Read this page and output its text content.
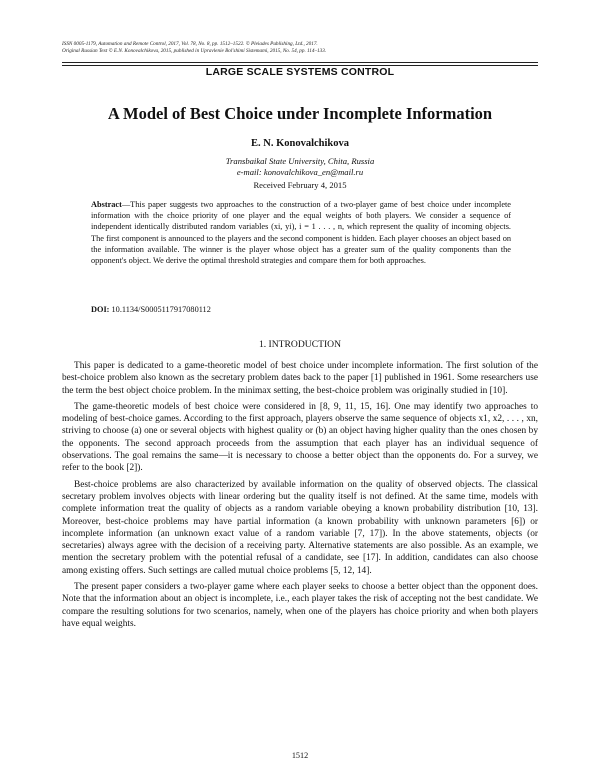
ISSN 0005-1179, Automation and Remote Control, 2017, Vol. 78, No. 8, pp. 1512–1522. © Pleiades Publishing, Ltd., 2017.
Original Russian Text © E.N. Konovalchikova, 2015, published in Upravlenie Bol'shimi Sistemami, 2015, No. 54, pp. 114–133.
LARGE SCALE SYSTEMS CONTROL
A Model of Best Choice under Incomplete Information
E. N. Konovalchikova
Transbaikal State University, Chita, Russia
e-mail: konovalchikova_en@mail.ru
Received February 4, 2015
Abstract—This paper suggests two approaches to the construction of a two-player game of best choice under incomplete information with the choice priority of one player and the equal weights of both players. We consider a sequence of independent identically distributed random variables (xi, yi), i = 1 . . . , n, which represent the quality of incoming objects. The first component is announced to the players and the second component is hidden. Each player chooses an object based on the information available. The winner is the player whose object has a greater sum of the quality components than the opponent's object. We derive the optimal threshold strategies and compare them for both approaches.
DOI: 10.1134/S0005117917080112
1. INTRODUCTION

This paper is dedicated to a game-theoretic model of best choice under incomplete information. The first solution of the best-choice problem also known as the secretary problem dates back to the paper [1] published in 1961. Some researchers use the term the best object choice problem. In the minimax setting, the best-choice problem was originally studied in [10].

The game-theoretic models of best choice were considered in [8, 9, 11, 15, 16]. One may identify two approaches to modeling of best-choice games. According to the first approach, players observe the same sequence of objects x1, x2, . . . , xn, striving to choose (a) one or several objects with highest quality or (b) an object having higher quality than the ones chosen by the opponents. The second approach proceeds from the assumption that each player has an individual sequence of observations. The goal remains the same—it is necessary to choose a better object than the opponents do. For a survey, we refer to the book [2]).

Best-choice problems are also characterized by available information on the quality of observed objects. The classical secretary problem involves objects with linear ordering but the quality itself is not defined. At the same time, models with complete information treat the quality of objects as a random variable obeying a known probability distribution [10, 13]. Moreover, best-choice problems may have partial information (a known probability with unknown parameters [6]) or incomplete information (an unknown exact value of a random variable [7, 17]). In the above statements, objects (or secretaries) always agree with the decision of a receiving party. Alternative statements are also possible. As an example, we mention the secretary problem with the potential refusal of a candidate, see [17]. In addition, candidates can also choose among existing offers. Such settings are called mutual choice problems [5, 12, 14].

The present paper considers a two-player game where each player seeks to choose a better object than the opponent does. Note that the information about an object is incomplete, i.e., each player takes the risk of accepting not the best candidate. We compare the resulting solutions for two scenarios, namely, when one of the players has choice priority and when both players have equal weights.

1512
